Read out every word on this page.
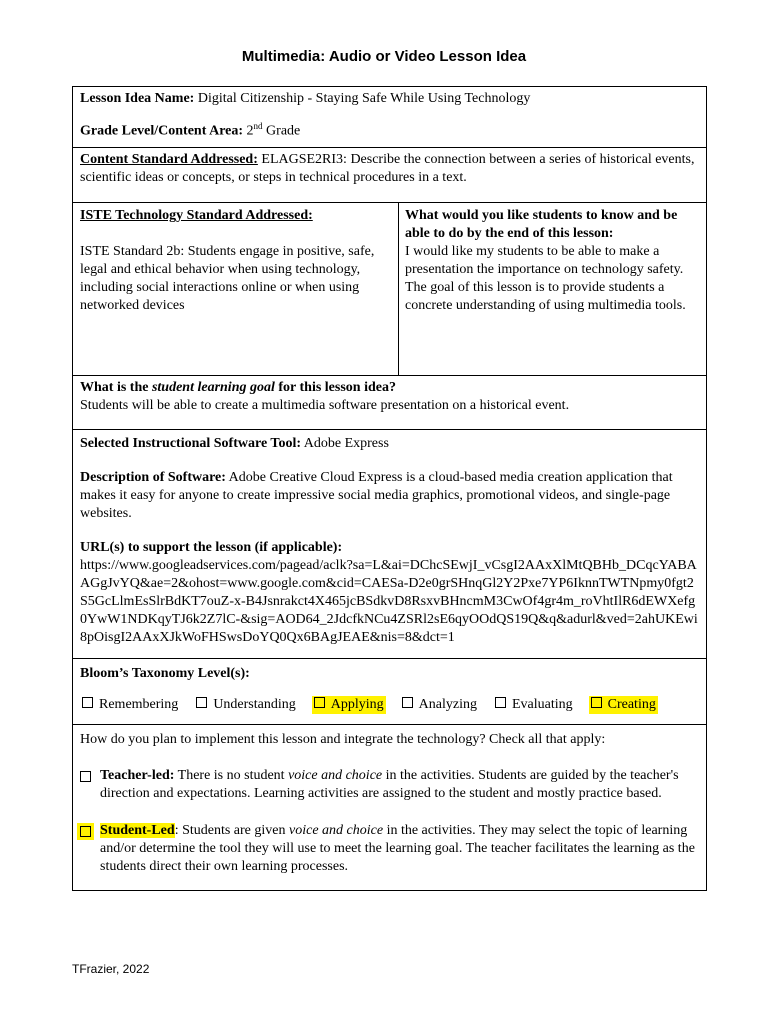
Multimedia: Audio or Video Lesson Idea

Lesson Idea Name: Digital Citizenship - Staying Safe While Using Technology

Grade Level/Content Area: 2nd Grade

Content Standard Addressed: ELAGSE2RI3: Describe the connection between a series of historical events, scientific ideas or concepts, or steps in technical procedures in a text.

ISTE Technology Standard Addressed:

ISTE Standard 2b: Students engage in positive, safe, legal and ethical behavior when using technology, including social interactions online or when using networked devices

What would you like students to know and be able to do by the end of this lesson:

I would like my students to be able to make a presentation the importance on technology safety. The goal of this lesson is to provide students a concrete understanding of using multimedia tools.

What is the student learning goal for this lesson idea?

Students will be able to create a multimedia software presentation on a historical event.

Selected Instructional Software Tool: Adobe Express

Description of Software: Adobe Creative Cloud Express is a cloud-based media creation application that makes it easy for anyone to create impressive social media graphics, promotional videos, and single-page websites.

URL(s) to support the lesson (if applicable):

https://www.googleadservices.com/pagead/aclk?sa=L&ai=DChcSEwjI_vCsgI2AAxXlMtQBHb_DCqcYABAAGgJvYQ&ae=2&ohost=www.google.com&cid=CAESa-D2e0grSHnqGl2Y2Pxe7YP6IknnTWTNpmy0fgt2S5GcLlmEsSlrBdKT7ouZ-x-B4Jsnrakct4X465jcBSdkvD8RsxvBHncmM3CwOf4gr4m_roVhtIlR6dEWXefg0YwW1NDKqyTJ6k2Z7lC-&sig=AOD64_2JdcfkNCu4ZSRl2sE6qyOOdQS19Q&q&adurl&ved=2ahUKEwi8pOisgI2AAxXJkWoFHSwsDoYQ0Qx6BAgJEAE&nis=8&dct=1

Bloom’s Taxonomy Level(s):

Remembering	Understanding	Applying	Analyzing	Evaluating	Creating

How do you plan to implement this lesson and integrate the technology? Check all that apply:

Teacher-led: There is no student voice and choice in the activities. Students are guided by the teacher's direction and expectations. Learning activities are assigned to the student and mostly practice based.
Student-Led: Students are given voice and choice in the activities. They may select the topic of learning and/or determine the tool they will use to meet the learning goal. The teacher facilitates the learning as the students direct their own learning processes.
TFrazier, 2022
